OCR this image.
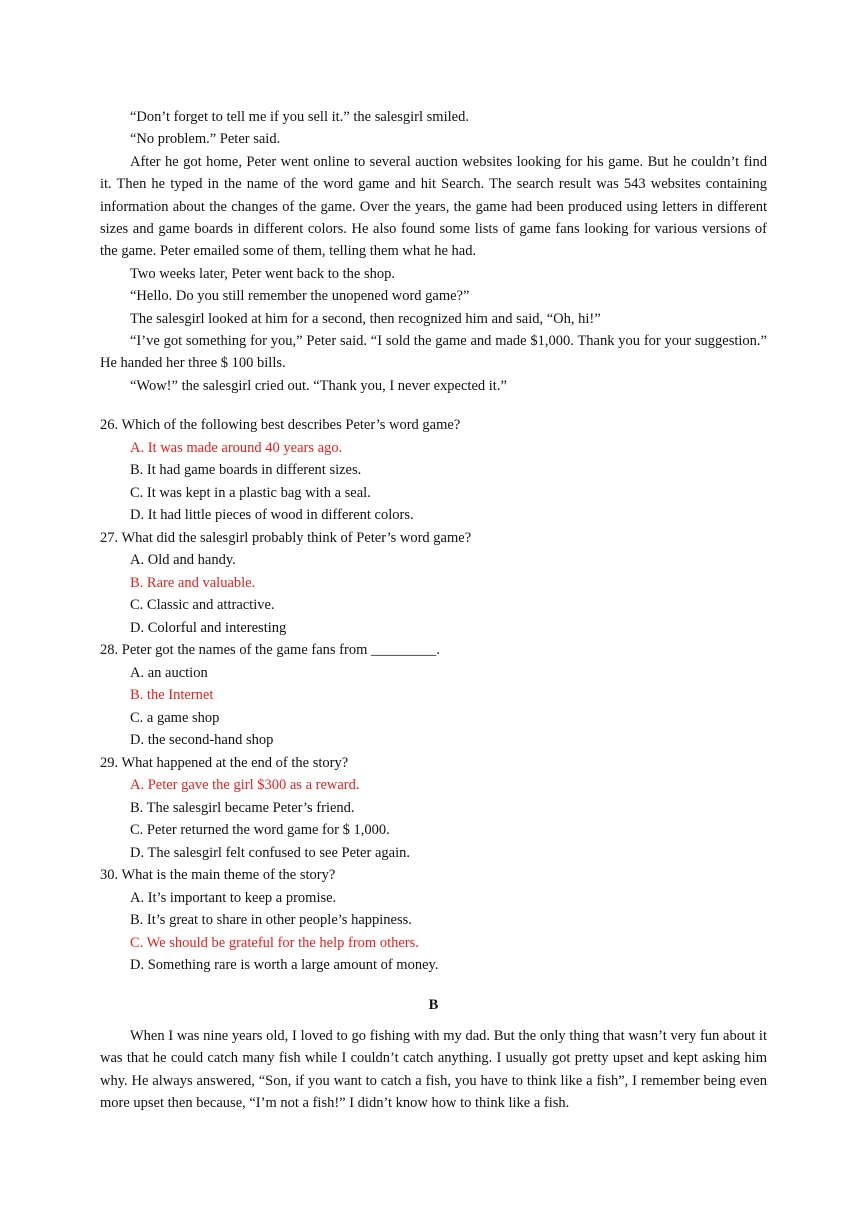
“Don’t forget to tell me if you sell it.” the salesgirl smiled.

“No problem.” Peter said.

After he got home, Peter went online to several auction websites looking for his game. But he couldn’t find it. Then he typed in the name of the word game and hit Search. The search result was 543 websites containing information about the changes of the game. Over the years, the game had been produced using letters in different sizes and game boards in different colors. He also found some lists of game fans looking for various versions of the game. Peter emailed some of them, telling them what he had.

Two weeks later, Peter went back to the shop.

“Hello. Do you still remember the unopened word game?”

The salesgirl looked at him for a second, then recognized him and said, “Oh, hi!”

“I’ve got something for you,” Peter said. “I sold the game and made $1,000. Thank you for your suggestion.” He handed her three $ 100 bills.

“Wow!” the salesgirl cried out. “Thank you, I never expected it.”

26. Which of the following best describes Peter’s word game?

A. It was made around 40 years ago.

B. It had game boards in different sizes.

C. It was kept in a plastic bag with a seal.

D. It had little pieces of wood in different colors.

27. What did the salesgirl probably think of Peter’s word game?

A. Old and handy.

B. Rare and valuable.

C. Classic and attractive.

D. Colorful and interesting

28. Peter got the names of the game fans from _________.

A. an auction

B. the Internet

C. a game shop

D. the second-hand shop

29. What happened at the end of the story?

A. Peter gave the girl $300 as a reward.

B. The salesgirl became Peter’s friend.

C. Peter returned the word game for $ 1,000.

D. The salesgirl felt confused to see Peter again.

30. What is the main theme of the story?

A. It’s important to keep a promise.

B. It’s great to share in other people’s happiness.

C. We should be grateful for the help from others.

D. Something rare is worth a large amount of money.

B

When I was nine years old, I loved to go fishing with my dad. But the only thing that wasn’t very fun about it was that he could catch many fish while I couldn’t catch anything. I usually got pretty upset and kept asking him why. He always answered, “Son, if you want to catch a fish, you have to think like a fish”, I remember being even more upset then because, “I’m not a fish!” I didn’t know how to think like a fish.
